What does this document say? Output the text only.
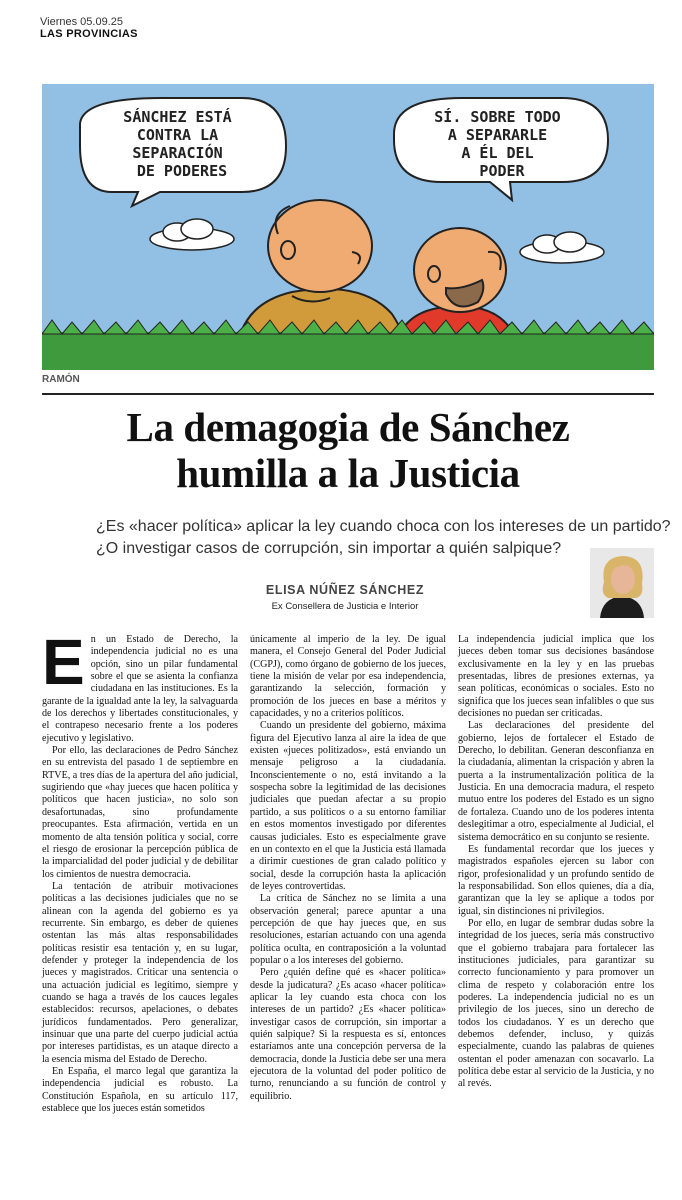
Viernes 05.09.25
LAS PROVINCIAS
SÁNCHEZ ESTÁ CONTRA LA SEPARACIÓN DE PODERES
SÍ. SOBRE TODO A SEPARARLE A ÉL DEL PODER
RAMÓN
La demagogia de Sánchez
humilla a la Justicia

¿Es «hacer política» aplicar la ley cuando choca con los intereses de un partido?

¿O investigar casos de corrupción, sin importar a quién salpique?

ELISA NÚÑEZ SÁNCHEZ
Ex Consellera de Justicia e Interior

En un Estado de Derecho, la independencia judicial no es una opción, sino un pilar fundamental sobre el que se asienta la confianza ciudadana en las instituciones. Es la garante de la igualdad ante la ley, la salvaguarda de los derechos y libertades constitucionales, y el contrapeso necesario frente a los poderes ejecutivo y legislativo.

Por ello, las declaraciones de Pedro Sánchez en su entrevista del pasado 1 de septiembre en RTVE, a tres días de la apertura del año judicial, sugiriendo que «hay jueces que hacen política y políticos que hacen justicia», no solo son desafortunadas, sino profundamente preocupantes. Esta afirmación, vertida en un momento de alta tensión política y social, corre el riesgo de erosionar la percepción pública de la imparcialidad del poder judicial y de debilitar los cimientos de nuestra democracia.

La tentación de atribuir motivaciones políticas a las decisiones judiciales que no se alinean con la agenda del gobierno es ya recurrente. Sin embargo, es deber de quienes ostentan las más altas responsabilidades políticas resistir esa tentación y, en su lugar, defender y proteger la independencia de los jueces y magistrados. Criticar una sentencia o una actuación judicial es legítimo, siempre y cuando se haga a través de los cauces legales establecidos: recursos, apelaciones, o debates jurídicos fundamentados. Pero generalizar, insinuar que una parte del cuerpo judicial actúa por intereses partidistas, es un ataque directo a la esencia misma del Estado de Derecho.

En España, el marco legal que garantiza la independencia judicial es robusto. La Constitución Española, en su artículo 117, establece que los jueces están sometidos

únicamente al imperio de la ley. De igual manera, el Consejo General del Poder Judicial (CGPJ), como órgano de gobierno de los jueces, tiene la misión de velar por esa independencia, garantizando la selección, formación y promoción de los jueces en base a méritos y capacidades, y no a criterios políticos.

Cuando un presidente del gobierno, máxima figura del Ejecutivo lanza al aire la idea de que existen «jueces politizados», está enviando un mensaje peligroso a la ciudadanía. Inconscientemente o no, está invitando a la sospecha sobre la legitimidad de las decisiones judiciales que puedan afectar a su propio partido, a sus políticos o a su entorno familiar en estos momentos investigado por diferentes causas judiciales. Esto es especialmente grave en un contexto en el que la Justicia está llamada a dirimir cuestiones de gran calado político y social, desde la corrupción hasta la aplicación de leyes controvertidas.

La crítica de Sánchez no se limita a una observación general; parece apuntar a una percepción de que hay jueces que, en sus resoluciones, estarían actuando con una agenda política oculta, en contraposición a la voluntad popular o a los intereses del gobierno.

Pero ¿quién define qué es «hacer política» desde la judicatura? ¿Es acaso «hacer política» aplicar la ley cuando esta choca con los intereses de un partido? ¿Es «hacer política» investigar casos de corrupción, sin importar a quién salpique? Si la respuesta es sí, entonces estaríamos ante una concepción perversa de la democracia, donde la Justicia debe ser una mera ejecutora de la voluntad del poder político de turno, renunciando a su función de control y equilibrio.

La independencia judicial implica que los jueces deben tomar sus decisiones basándose exclusivamente en la ley y en las pruebas presentadas, libres de presiones externas, ya sean políticas, económicas o sociales. Esto no significa que los jueces sean infalibles o que sus decisiones no puedan ser criticadas.

Las declaraciones del presidente del gobierno, lejos de fortalecer el Estado de Derecho, lo debilitan. Generan desconfianza en la ciudadanía, alimentan la crispación y abren la puerta a la instrumentalización política de la Justicia. En una democracia madura, el respeto mutuo entre los poderes del Estado es un signo de fortaleza. Cuando uno de los poderes intenta deslegitimar a otro, especialmente al Judicial, el sistema democrático en su conjunto se resiente.

Es fundamental recordar que los jueces y magistrados españoles ejercen su labor con rigor, profesionalidad y un profundo sentido de la responsabilidad. Son ellos quienes, día a día, garantizan que la ley se aplique a todos por igual, sin distinciones ni privilegios.

Por ello, en lugar de sembrar dudas sobre la integridad de los jueces, sería más constructivo que el gobierno trabajara para fortalecer las instituciones judiciales, para garantizar su correcto funcionamiento y para promover un clima de respeto y colaboración entre los poderes. La independencia judicial no es un privilegio de los jueces, sino un derecho de todos los ciudadanos. Y es un derecho que debemos defender, incluso, y quizás especialmente, cuando las palabras de quienes ostentan el poder amenazan con socavarlo. La política debe estar al servicio de la Justicia, y no al revés.
